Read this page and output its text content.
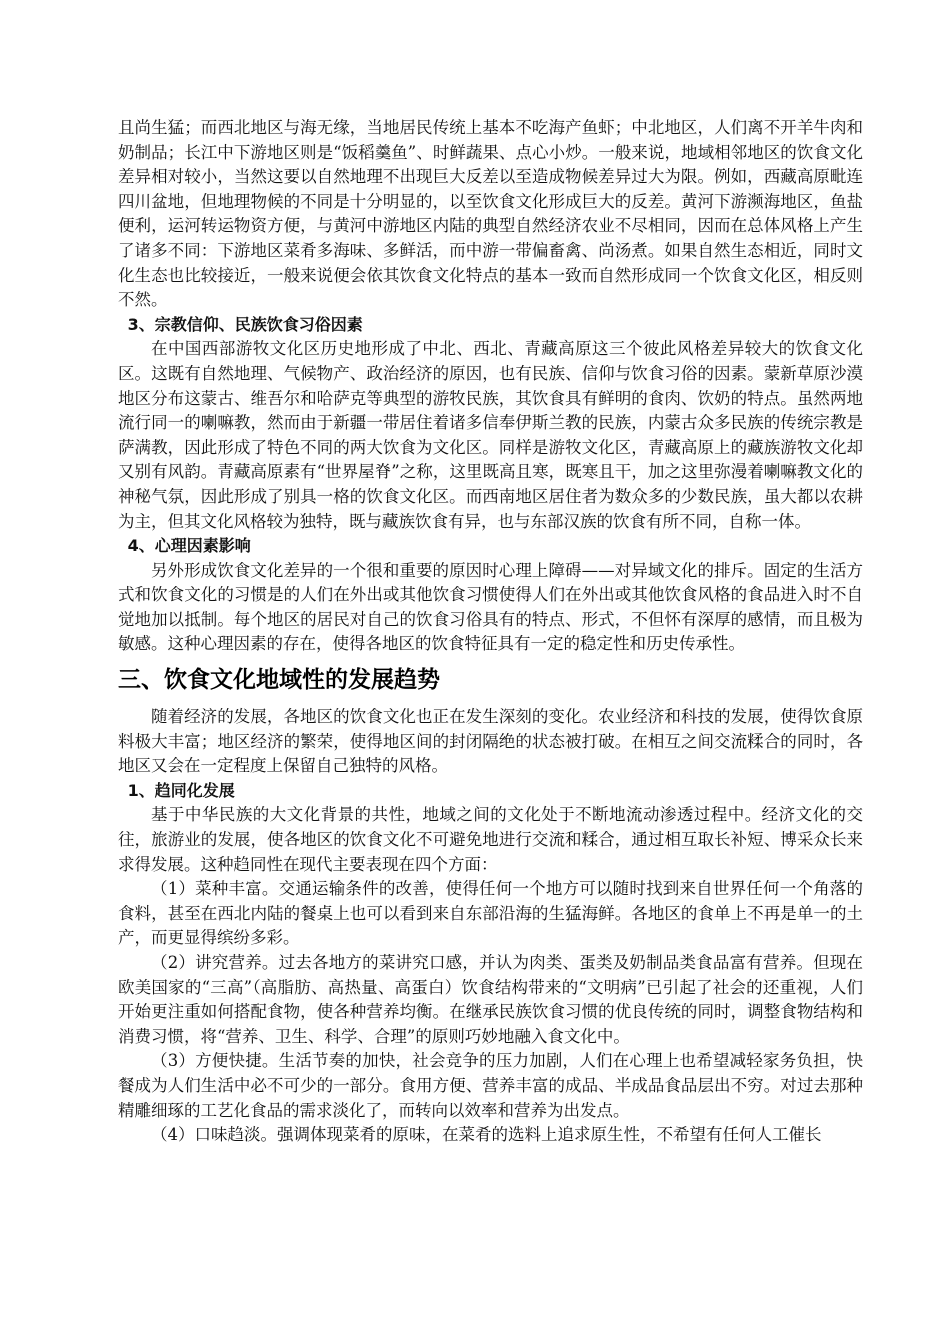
且尚生猛；而西北地区与海无缘，当地居民传统上基本不吃海产鱼虾；中北地区，人们离不开羊牛肉和奶制品；长江中下游地区则是“饭稻羹鱼”、时鲜蔬果、点心小炒。一般来说，地域相邻地区的饮食文化差异相对较小，当然这要以自然地理不出现巨大反差以至造成物候差异过大为限。例如，西藏高原毗连四川盆地，但地理物候的不同是十分明显的，以至饮食文化形成巨大的反差。黄河下游濒海地区，鱼盐便利，运河转运物资方便，与黄河中游地区内陆的典型自然经济农业不尽相同，因而在总体风格上产生了诸多不同：下游地区菜肴多海味、多鲜活，而中游一带偏畜禽、尚汤煮。如果自然生态相近，同时文化生态也比较接近，一般来说便会依其饮食文化特点的基本一致而自然形成同一个饮食文化区，相反则不然。

3、宗教信仰、民族饮食习俗因素

在中国西部游牧文化区历史地形成了中北、西北、青藏高原这三个彼此风格差异较大的饮食文化区。这既有自然地理、气候物产、政治经济的原因，也有民族、信仰与饮食习俗的因素。蒙新草原沙漠地区分布这蒙古、维吾尔和哈萨克等典型的游牧民族，其饮食具有鲜明的食肉、饮奶的特点。虽然两地流行同一的喇嘛教，然而由于新疆一带居住着诸多信奉伊斯兰教的民族，内蒙古众多民族的传统宗教是萨满教，因此形成了特色不同的两大饮食为文化区。同样是游牧文化区，青藏高原上的藏族游牧文化却又别有风韵。青藏高原素有“世界屋脊”之称，这里既高且寒，既寒且干，加之这里弥漫着喇嘛教文化的神秘气氛，因此形成了别具一格的饮食文化区。而西南地区居住者为数众多的少数民族，虽大都以农耕为主，但其文化风格较为独特，既与藏族饮食有异，也与东部汉族的饮食有所不同，自称一体。

4、心理因素影响

另外形成饮食文化差异的一个很和重要的原因时心理上障碍——对异域文化的排斥。固定的生活方式和饮食文化的习惯是的人们在外出或其他饮食习惯使得人们在外出或其他饮食风格的食品进入时不自觉地加以抵制。每个地区的居民对自己的饮食习俗具有的特点、形式，不但怀有深厚的感情，而且极为敏感。这种心理因素的存在，使得各地区的饮食特征具有一定的稳定性和历史传承性。

三、饮食文化地域性的发展趋势

随着经济的发展，各地区的饮食文化也正在发生深刻的变化。农业经济和科技的发展，使得饮食原料极大丰富；地区经济的繁荣，使得地区间的封闭隔绝的状态被打破。在相互之间交流糅合的同时，各地区又会在一定程度上保留自己独特的风格。

1、趋同化发展

基于中华民族的大文化背景的共性，地域之间的文化处于不断地流动渗透过程中。经济文化的交往，旅游业的发展，使各地区的饮食文化不可避免地进行交流和糅合，通过相互取长补短、博采众长来求得发展。这种趋同性在现代主要表现在四个方面：

（1）菜种丰富。交通运输条件的改善，使得任何一个地方可以随时找到来自世界任何一个角落的食料，甚至在西北内陆的餐桌上也可以看到来自东部沿海的生猛海鲜。各地区的食单上不再是单一的土产，而更显得缤纷多彩。

（2）讲究营养。过去各地方的菜讲究口感，并认为肉类、蛋类及奶制品类食品富有营养。但现在欧美国家的“三高”（高脂肪、高热量、高蛋白）饮食结构带来的“文明病”已引起了社会的还重视，人们开始更注重如何搭配食物，使各种营养均衡。在继承民族饮食习惯的优良传统的同时，调整食物结构和消费习惯，将“营养、卫生、科学、合理”的原则巧妙地融入食文化中。

（3）方便快捷。生活节奏的加快，社会竞争的压力加剧，人们在心理上也希望减轻家务负担，快餐成为人们生活中必不可少的一部分。食用方便、营养丰富的成品、半成品食品层出不穷。对过去那种精雕细琢的工艺化食品的需求淡化了，而转向以效率和营养为出发点。

（4）口味趋淡。强调体现菜肴的原味，在菜肴的选料上追求原生性，不希望有任何人工催长
